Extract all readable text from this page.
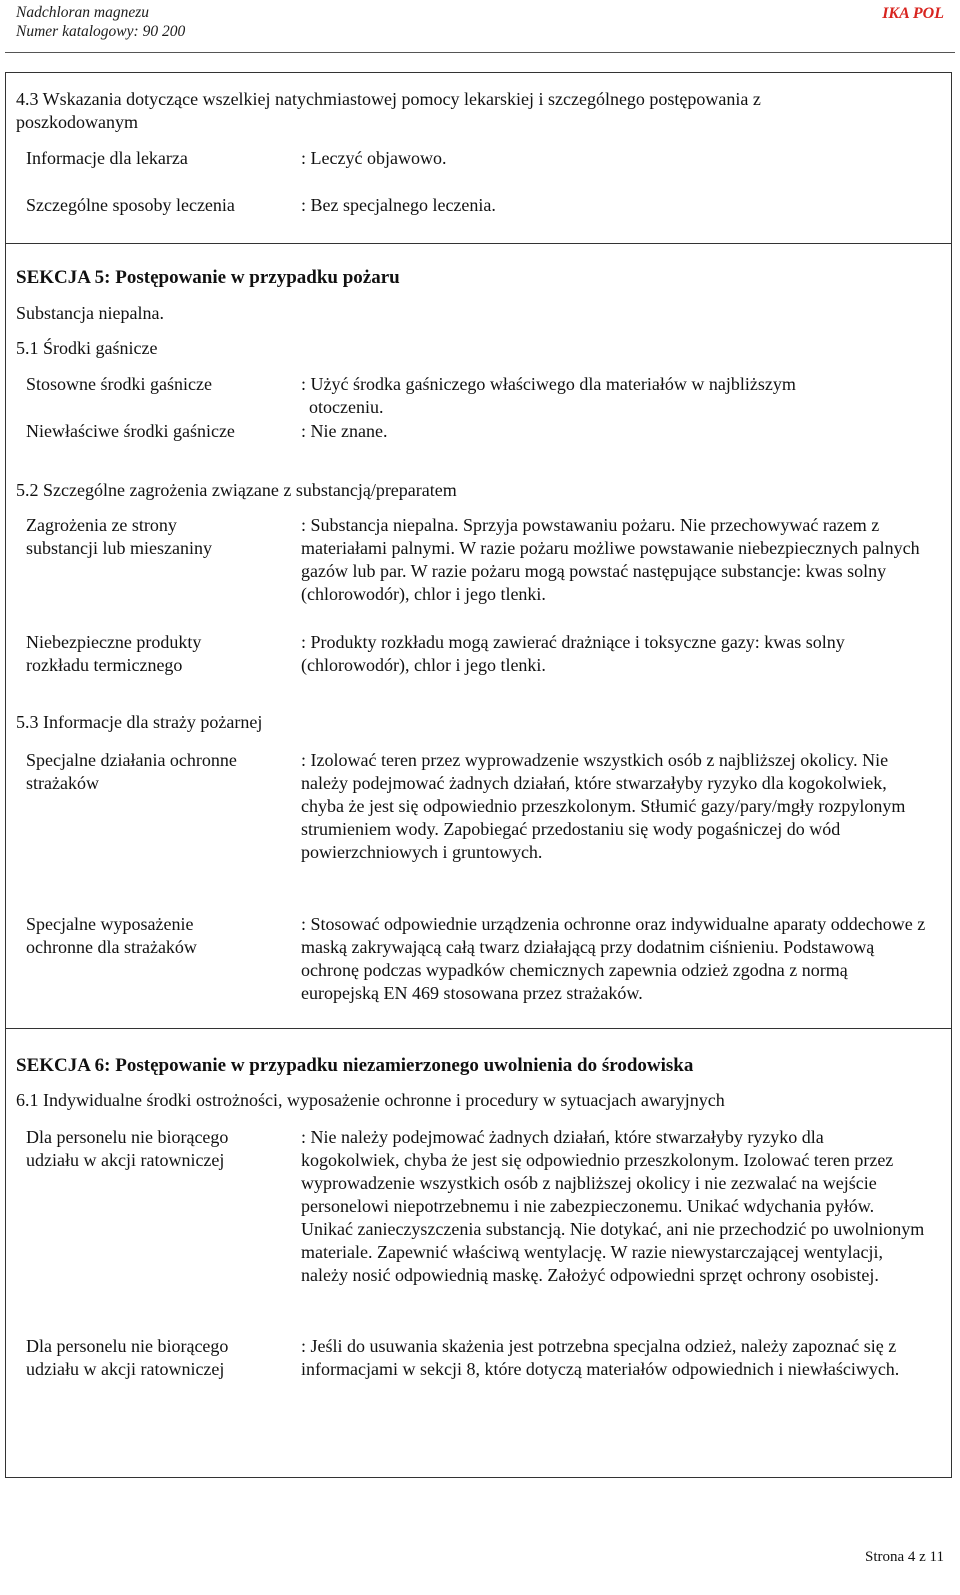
Nadchloran magnezu
Numer katalogowy: 90 200
IKA POL
4.3 Wskazania dotyczące wszelkiej natychmiastowej pomocy lekarskiej i szczególnego postępowania z
poszkodowanym
Informacje dla lekarza	: Leczyć objawowo.
Szczególne sposoby leczenia	: Bez specjalnego leczenia.
SEKCJA 5: Postępowanie w przypadku pożaru
Substancja niepalna.
5.1 Środki gaśnicze
Stosowne środki gaśnicze	: Użyć środka gaśniczego właściwego dla materiałów w najbliższym
otoczeniu.
Niewłaściwe środki gaśnicze	: Nie znane.
5.2 Szczególne zagrożenia związane z substancją/preparatem
Zagrożenia ze strony
substancji lub mieszaniny
: Substancja niepalna. Sprzyja powstawaniu pożaru. Nie przechowywać razem z materiałami palnymi. W razie pożaru możliwe powstawanie niebezpiecznych palnych gazów lub par. W razie pożaru mogą powstać następujące substancje: kwas solny (chlorowodór), chlor i jego tlenki.
Niebezpieczne produkty
rozkładu termicznego
: Produkty rozkładu mogą zawierać drażniące i toksyczne gazy: kwas solny (chlorowodór), chlor i jego tlenki.
5.3 Informacje dla straży pożarnej
Specjalne działania ochronne
strażaków
: Izolować teren przez wyprowadzenie wszystkich osób z najbliższej okolicy. Nie należy podejmować żadnych działań, które stwarzałyby ryzyko dla kogokolwiek, chyba że jest się odpowiednio przeszkolonym. Stłumić gazy/pary/mgły rozpylonym strumieniem wody. Zapobiegać przedostaniu się wody pogaśniczej do wód powierzchniowych i gruntowych.
Specjalne wyposażenie
ochronne dla strażaków
: Stosować odpowiednie urządzenia ochronne oraz indywidualne aparaty oddechowe z maską zakrywającą całą twarz działającą przy dodatnim ciśnieniu. Podstawową ochronę podczas wypadków chemicznych zapewnia odzież zgodna z normą europejską EN 469 stosowana przez strażaków.
SEKCJA 6: Postępowanie w przypadku niezamierzonego uwolnienia do środowiska
6.1 Indywidualne środki ostrożności, wyposażenie ochronne i procedury w sytuacjach awaryjnych
Dla personelu nie biorącego
udziału w akcji ratowniczej
: Nie należy podejmować żadnych działań, które stwarzałyby ryzyko dla kogokolwiek, chyba że jest się odpowiednio przeszkolonym. Izolować teren przez wyprowadzenie wszystkich osób z najbliższej okolicy i nie zezwalać na wejście personelowi niepotrzebnemu i nie zabezpieczonemu. Unikać wdychania pyłów. Unikać zanieczyszczenia substancją. Nie dotykać, ani nie przechodzić po uwolnionym materiale. Zapewnić właściwą wentylację. W razie niewystarczającej wentylacji, należy nosić odpowiednią maskę. Założyć odpowiedni sprzęt ochrony osobistej.
Dla personelu nie biorącego
udziału w akcji ratowniczej
: Jeśli do usuwania skażenia jest potrzebna specjalna odzież, należy zapoznać się z informacjami w sekcji 8, które dotyczą materiałów odpowiednich i niewłaściwych.
Strona 4 z 11
